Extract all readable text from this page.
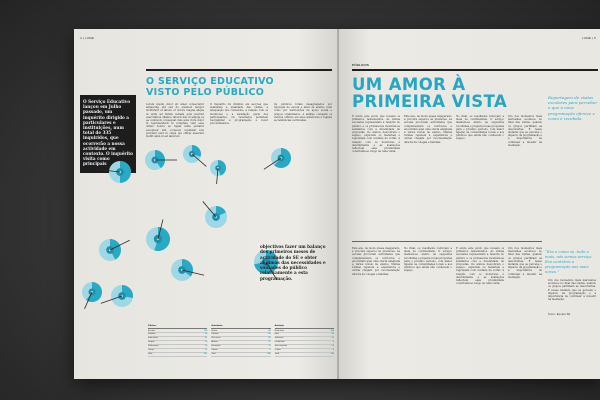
4 | LUME
O SERVIÇO EDUCATIVO
VISTO PELO PÚBLICO
O Serviço Educativo lançou em Julho passado, um inquérito dirigido a particulares e instituições, num total de 335 inquiridos, que ocorrerão a nossa actividade em contexto. O inquérito visita como principais
Lorem ipsum dolor sit amet consectetur adipiscing elit sed do eiusmod tempor incididunt ut labore et dolore magna aliqua ut enim ad minim veniam quis nostrud exercitation ullamco laboris nisi ut aliquip ex ea commodo consequat duis aute irure dolor in reprehenderit in voluptate velit esse cillum dolore eu fugiat nulla pariatur excepteur sint occaecat cupidatat non proident sunt in culpa qui officia deserunt mollit anim id est laborum
O inquérito foi dividido em secções que avaliaram a qualidade das visitas, a adequação dos conteúdos, a relação com os monitores e a satisfação geral dos participantes. Os resultados permitem reorganizar a programação e rever procedimentos.
Os públicos foram desagregados por tipologia de escola e nível de ensino, bem como por instituições de apoio social e grupos organizados. A análise compara os valores obtidos em anos anteriores e regista as tendências verificadas.
objectivos fazer um balanço dos primeiros meses de actividade do SE e obter algumas das necessidades e vontades do público relativamente a esta programação.
Públicos
Escolas	124
Famílias	58
Instituições	41
Grupos	33
Professores	29
Outros	12
Total	297
Actividades
Visitas	86
Oficinas	64
Percursos	38
Ateliers	27
Formação	19
Outros	9
Total	243
Avaliação
Muito bom	142
Bom	96
Suficiente	31
Insuficiente	6
Sem resposta	10
Outros	4
Total	289
LUME | 5
PÚBLICOS
UM AMOR À
PRIMEIRA VISTA	Reportagem de visitas escolares para perceber o que a nova programação oferece e como é recebida.
É sobre este ponto que recaem os primeiros testemunhos. As visitas escolares representam a maioria do público e os professores mostram-se satisfeitos com a diversidade de propostas. Os alunos descobrem o espaço, exploram os materiais e regressam com vontade de voltar. A relação com os monitores é determinante e as avaliações reflectem essa proximidade construída ao longo de cada visita.
Este ano, de modo quase inesperado, a procura superou as previsões. As escolas procuram actividades que complementem os currículos e encontram aqui uma oferta adaptada a vários níveis de ensino. Muitas turmas repetem a experiência e outras chegam por recomendação directa de colegas e famílias.
No final, os resultados reforçam a ideia de continuidade. O serviço mantém-se atento às sugestões recolhidas e prepara novas propostas para o próximo período, com maior ligação às comunidades locais e aos públicos que ainda não conhecem o espaço.
Um dos momentos mais marcantes acontece no final das visitas, quando os grupos partilham as descobertas. É nesse instante que se percebe o impacto da programação e a importância de continuar a investir na mediação.
Este ano, de modo quase inesperado, a procura superou as previsões. As escolas procuram actividades que complementem os currículos e encontram aqui uma oferta adaptada a vários níveis de ensino. Muitas turmas repetem a experiência e outras chegam por recomendação directa de colegas e famílias.
No final, os resultados reforçam a ideia de continuidade. O serviço mantém-se atento às sugestões recolhidas e prepara novas propostas para o próximo período, com maior ligação às comunidades locais e aos públicos que ainda não conhecem o espaço.
É sobre este ponto que recaem os primeiros testemunhos. As visitas escolares representam a maioria do público e os professores mostram-se satisfeitos com a diversidade de propostas. Os alunos descobrem o espaço, exploram os materiais e regressam com vontade de voltar. A relação com os monitores é determinante e as avaliações reflectem essa proximidade construída ao longo de cada visita.
Um dos momentos mais marcantes acontece no final das visitas, quando os grupos partilham as descobertas. É nesse instante que se percebe o impacto da programação e a importância de continuar a investir na mediação.
“Era o como se, tudo o mais, nós somos serviço. Era contrário a programação aos mais novos.”
Um dos momentos mais marcantes acontece no final das visitas, quando os grupos partilham as descobertas. É nesse instante que se percebe o impacto da programação e a importância de continuar a investir na mediação.
Texto: Equipa SE
